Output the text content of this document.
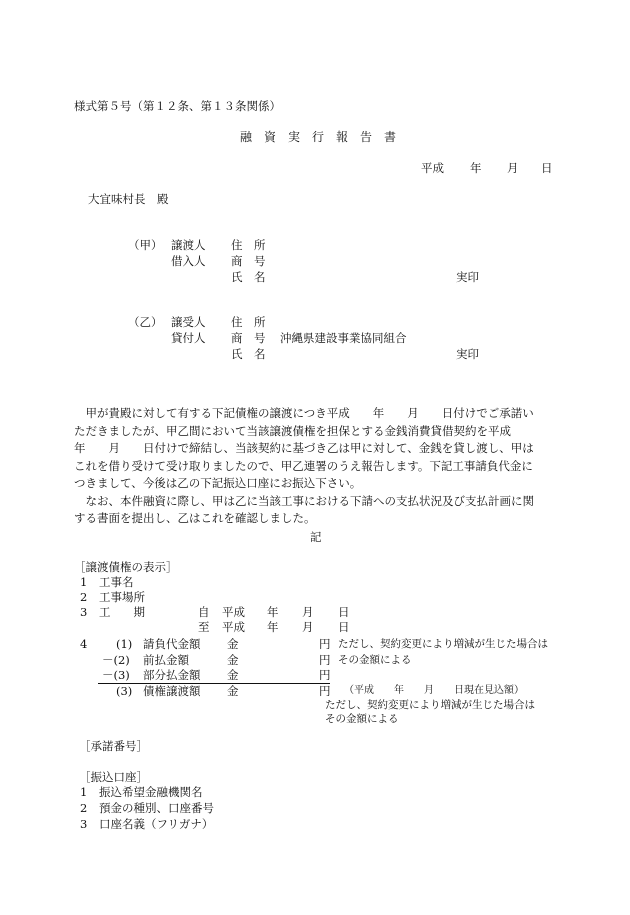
様式第５号（第１２条、第１３条関係）
融　資　実　行　報　告　書
平成 年 月 日
大宜味村長　殿
（甲） 譲渡人 住　所
借入人 商　号
氏　名	実印
（乙） 譲受人 住　所
貸付人 商　号 沖縄県建設事業協同組合
氏　名	実印
　甲が貴殿に対して有する下記債権の譲渡につき平成　　年　　月　　日付けでご承諾い
ただきましたが、甲乙間において当該譲渡債権を担保とする金銭消費貸借契約を平成
年　　月　　日付けで締結し、当該契約に基づき乙は甲に対して、金銭を貸し渡し、甲は
これを借り受けて受け取りましたので、甲乙連署のうえ報告します。下記工事請負代金に
つきまして、今後は乙の下記振込口座にお振込下さい。
　なお、本件融資に際し、甲は乙に当該工事における下請への支払状況及び支払計画に関
する書面を提出し、乙はこれを確認しました。
記
［譲渡債権の表示］
1 工事名
2 工事場所
3 工　　期	自 平成 年 月 日
至 平成 年 月 日
4 (1) 請負代金額 金	円 ただし、契約変更により増減が生じた場合は
－(2) 前払金額	金	円 その金額による
－(3) 部分払金額 金	円
(3) 債権譲渡額 金	円 （平成　　年　　月　　日現在見込額）
ただし、契約変更により増減が生じた場合は
その金額による
［承諾番号］
［振込口座］
1 振込希望金融機関名
2 預金の種別、口座番号
3 口座名義（フリガナ）
